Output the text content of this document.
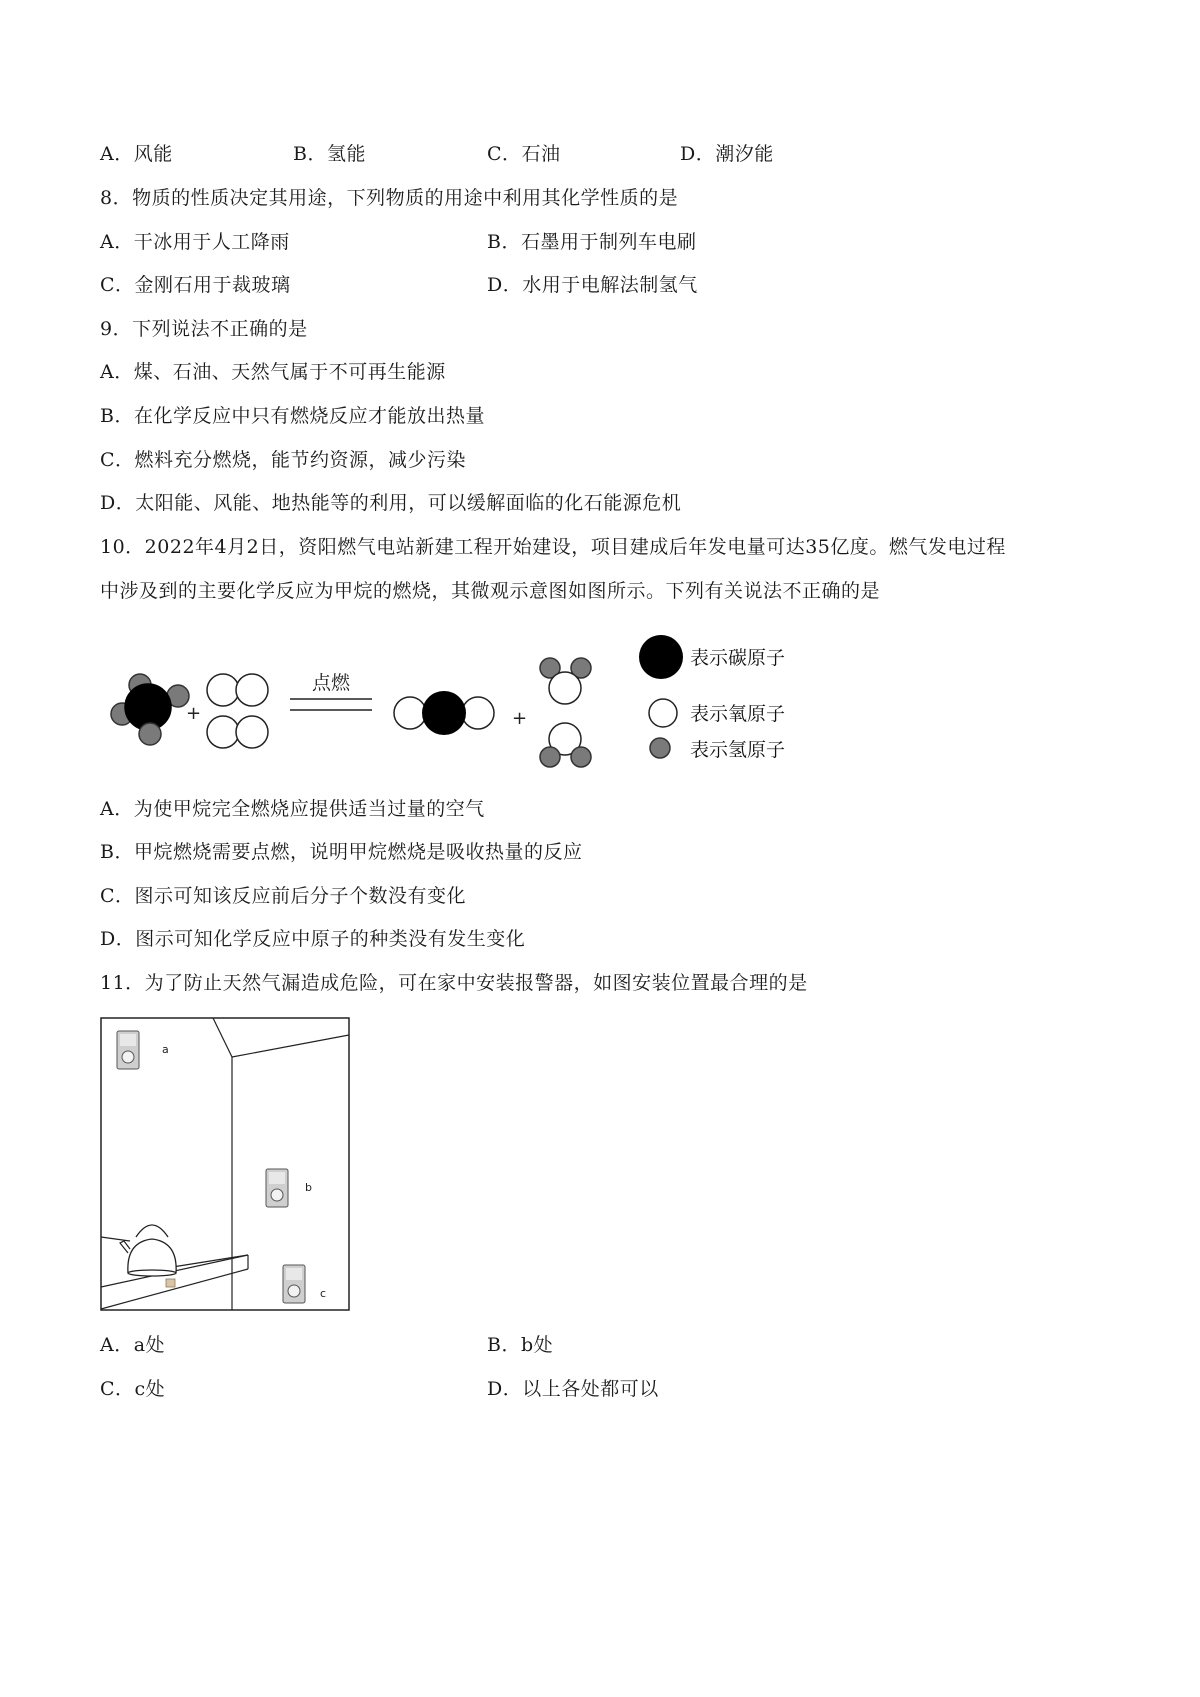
A．风能	B．氢能	C．石油	D．潮汐能
8．物质的性质决定其用途，下列物质的用途中利用其化学性质的是
A．干冰用于人工降雨	B．石墨用于制列车电刷
C．金刚石用于裁玻璃	D．水用于电解法制氢气
9．下列说法不正确的是
A．煤、石油、天然气属于不可再生能源
B．在化学反应中只有燃烧反应才能放出热量
C．燃料充分燃烧，能节约资源，减少污染
D．太阳能、风能、地热能等的利用，可以缓解面临的化石能源危机
10．2022年4月2日，资阳燃气电站新建工程开始建设，项目建成后年发电量可达35亿度。燃气发电过程
中涉及到的主要化学反应为甲烷的燃烧，其微观示意图如图所示。下列有关说法不正确的是
+
点燃
+
表示碳原子
表示氧原子
表示氢原子
A．为使甲烷完全燃烧应提供适当过量的空气
B．甲烷燃烧需要点燃，说明甲烷燃烧是吸收热量的反应
C．图示可知该反应前后分子个数没有变化
D．图示可知化学反应中原子的种类没有发生变化
11．为了防止天然气漏造成危险，可在家中安装报警器，如图安装位置最合理的是
a
b
c
A．a处	B．b处
C．c处	D．以上各处都可以
